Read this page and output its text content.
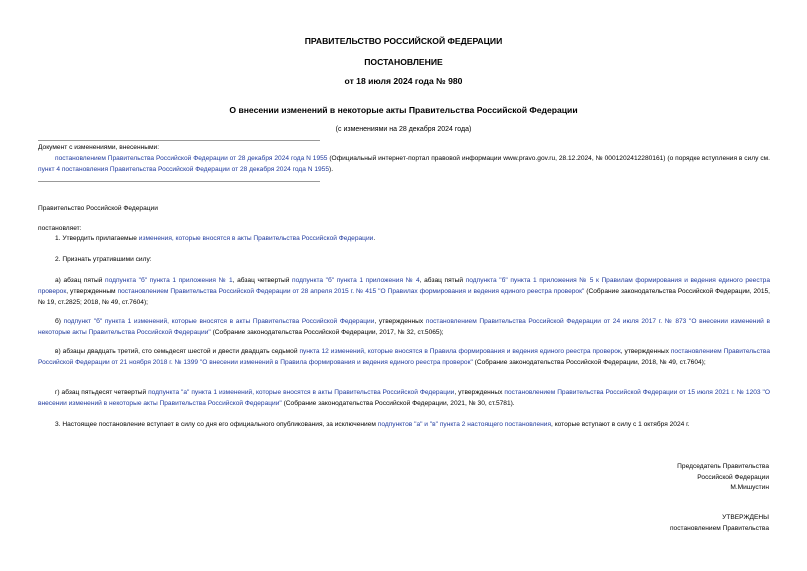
ПРАВИТЕЛЬСТВО РОССИЙСКОЙ ФЕДЕРАЦИИ
ПОСТАНОВЛЕНИЕ
от 18 июля 2024 года № 980
О внесении изменений в некоторые акты Правительства Российской Федерации
(с изменениями на 28 декабря 2024 года)
Документ с изменениями, внесенными:
постановлением Правительства Российской Федерации от 28 декабря 2024 года N 1955 (Официальный интернет-портал правовой информации www.pravo.gov.ru, 28.12.2024, № 0001202412280161) (о порядке вступления в силу см. пункт 4 постановления Правительства Российской Федерации от 28 декабря 2024 года N 1955).
Правительство Российской Федерации
постановляет:
1. Утвердить прилагаемые изменения, которые вносятся в акты Правительства Российской Федерации.
2. Признать утратившими силу:
а) абзац пятый подпункта "б" пункта 1 приложения № 1, абзац четвертый подпункта "б" пункта 1 приложения № 4, абзац пятый подпункта "б" пункта 1 приложения № 5 к Правилам формирования и ведения единого реестра проверок, утвержденным постановлением Правительства Российской Федерации от 28 апреля 2015 г. № 415 "О Правилах формирования и ведения единого реестра проверок" (Собрание законодательства Российской Федерации, 2015, № 19, ст.2825; 2018, № 49, ст.7604);
б) подпункт "б" пункта 1 изменений, которые вносятся в акты Правительства Российской Федерации, утвержденных постановлением Правительства Российской Федерации от 24 июля 2017 г. № 873 "О внесении изменений в некоторые акты Правительства Российской Федерации" (Собрание законодательства Российской Федерации, 2017, № 32, ст.5065);
в) абзацы двадцать третий, сто семьдесят шестой и двести двадцать седьмой пункта 12 изменений, которые вносятся в Правила формирования и ведения единого реестра проверок, утвержденных постановлением Правительства Российской Федерации от 21 ноября 2018 г. № 1399 "О внесении изменений в Правила формирования и ведения единого реестра проверок" (Собрание законодательства Российской Федерации, 2018, № 49, ст.7604);
г) абзац пятьдесят четвертый подпункта "а" пункта 1 изменений, которые вносятся в акты Правительства Российской Федерации, утвержденных постановлением Правительства Российской Федерации от 15 июля 2021 г. № 1203 "О внесении изменений в некоторые акты Правительства Российской Федерации" (Собрание законодательства Российской Федерации, 2021, № 30, ст.5781).
3. Настоящее постановление вступает в силу со дня его официального опубликования, за исключением подпунктов "а" и "в" пункта 2 настоящего постановления, которые вступают в силу с 1 октября 2024 г.
Председатель Правительства
Российской Федерации
М.Мишустин
УТВЕРЖДЕНЫ
постановлением Правительства
